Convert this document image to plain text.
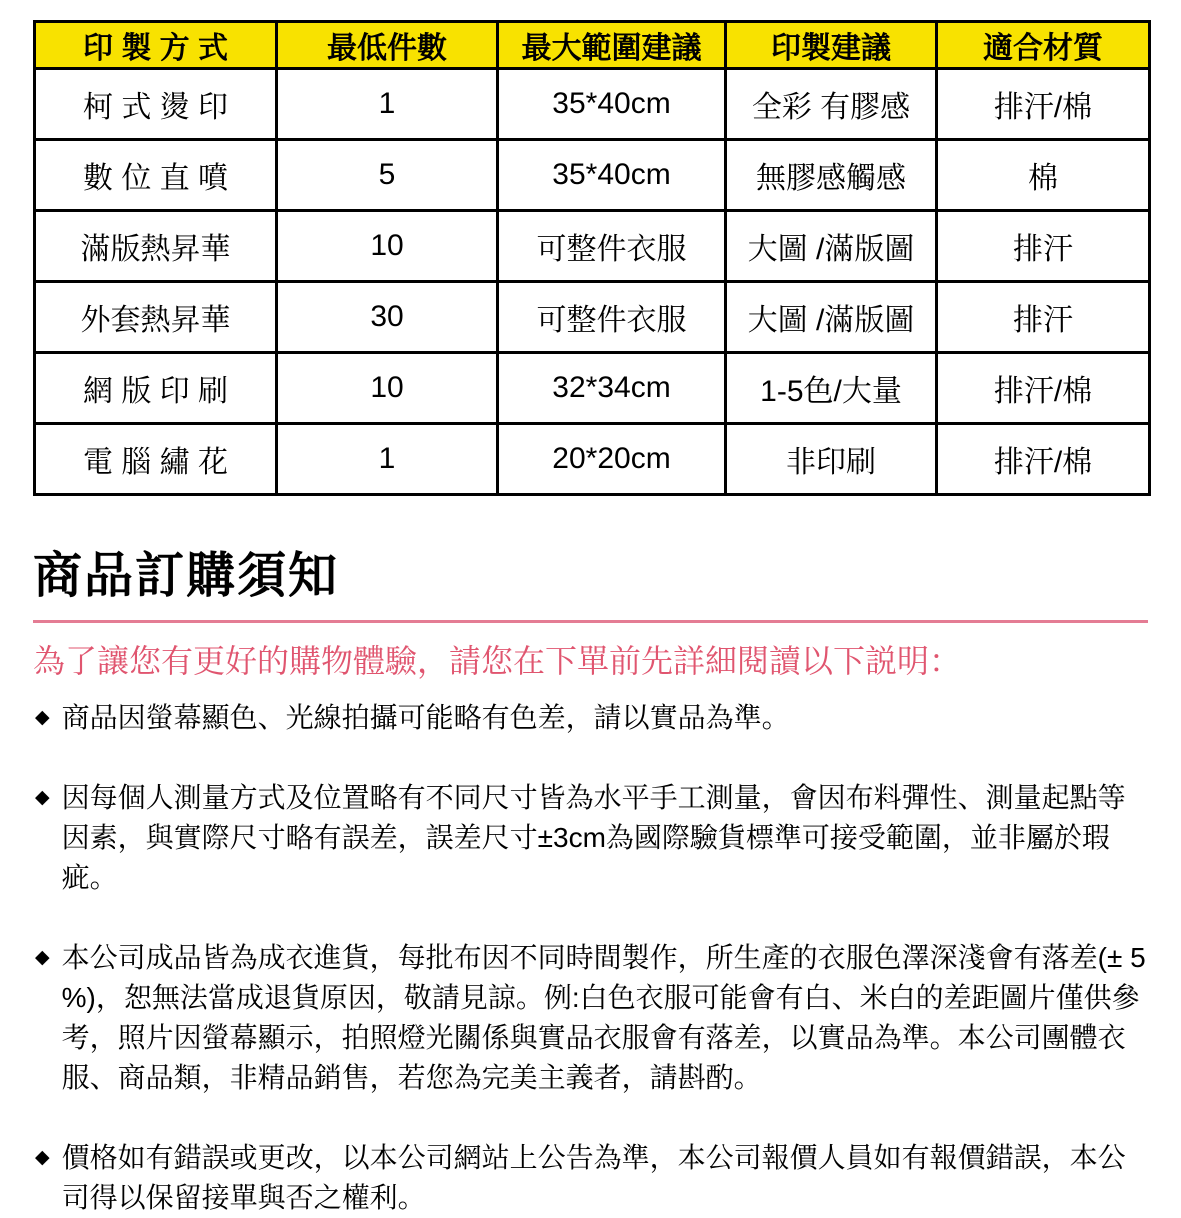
印 製 方 式	最低件數	最大範圍建議	印製建議	適合材質
柯 式 燙 印	1	35*40cm	全彩 有膠感	排汗/棉
數 位 直 噴	5	35*40cm	無膠感觸感	棉
滿版熱昇華	10	可整件衣服	大圖 /滿版圖	排汗
外套熱昇華	30	可整件衣服	大圖 /滿版圖	排汗
網 版 印 刷	10	32*34cm	1-5色/大量	排汗/棉
電 腦 繡 花	1	20*20cm	非印刷	排汗/棉
商品訂購須知

為了讓您有更好的購物體驗，請您在下單前先詳細閱讀以下説明：

◆ 商品因螢幕顯色、光線拍攝可能略有色差，請以實品為準。
◆ 因每個人測量方式及位置略有不同尺寸皆為水平手工測量，會因布料彈性、測量起點等因素，與實際尺寸略有誤差，誤差尺寸±3cm為國際驗貨標準可接受範圍，並非屬於瑕疵。
◆ 本公司成品皆為成衣進貨，每批布因不同時間製作，所生產的衣服色澤深淺會有落差(± 5 %)，恕無法當成退貨原因，敬請見諒。例:白色衣服可能會有白、米白的差距圖片僅供參考，照片因螢幕顯示，拍照燈光關係與實品衣服會有落差，以實品為準。本公司團體衣服、商品類，非精品銷售，若您為完美主義者，請斟酌。
◆ 價格如有錯誤或更改，以本公司網站上公告為準，本公司報價人員如有報價錯誤，本公司得以保留接單與否之權利。
